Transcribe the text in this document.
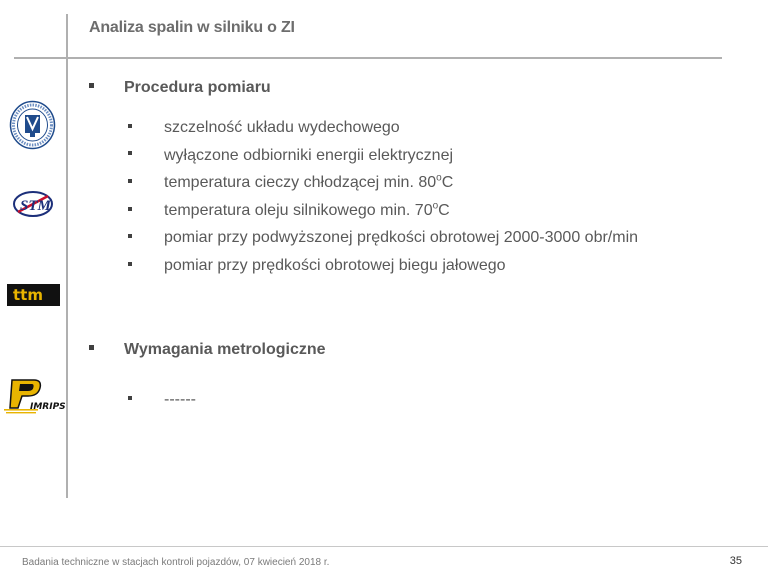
Analiza spalin w silniku o ZI
STM
ttm
IMRIPS
Procedura pomiaru
szczelność układu wydechowego
wyłączone odbiorniki energii elektrycznej
temperatura cieczy chłodzącej min. 80$^o$C
temperatura oleju silnikowego min. 70$^o$C
pomiar przy podwyższonej prędkości obrotowej 2000-3000 obr/min
pomiar przy prędkości obrotowej biegu jałowego
Wymagania metrologiczne
------
Badania techniczne w stacjach kontroli pojazdów, 07 kwiecień 2018 r.	35
